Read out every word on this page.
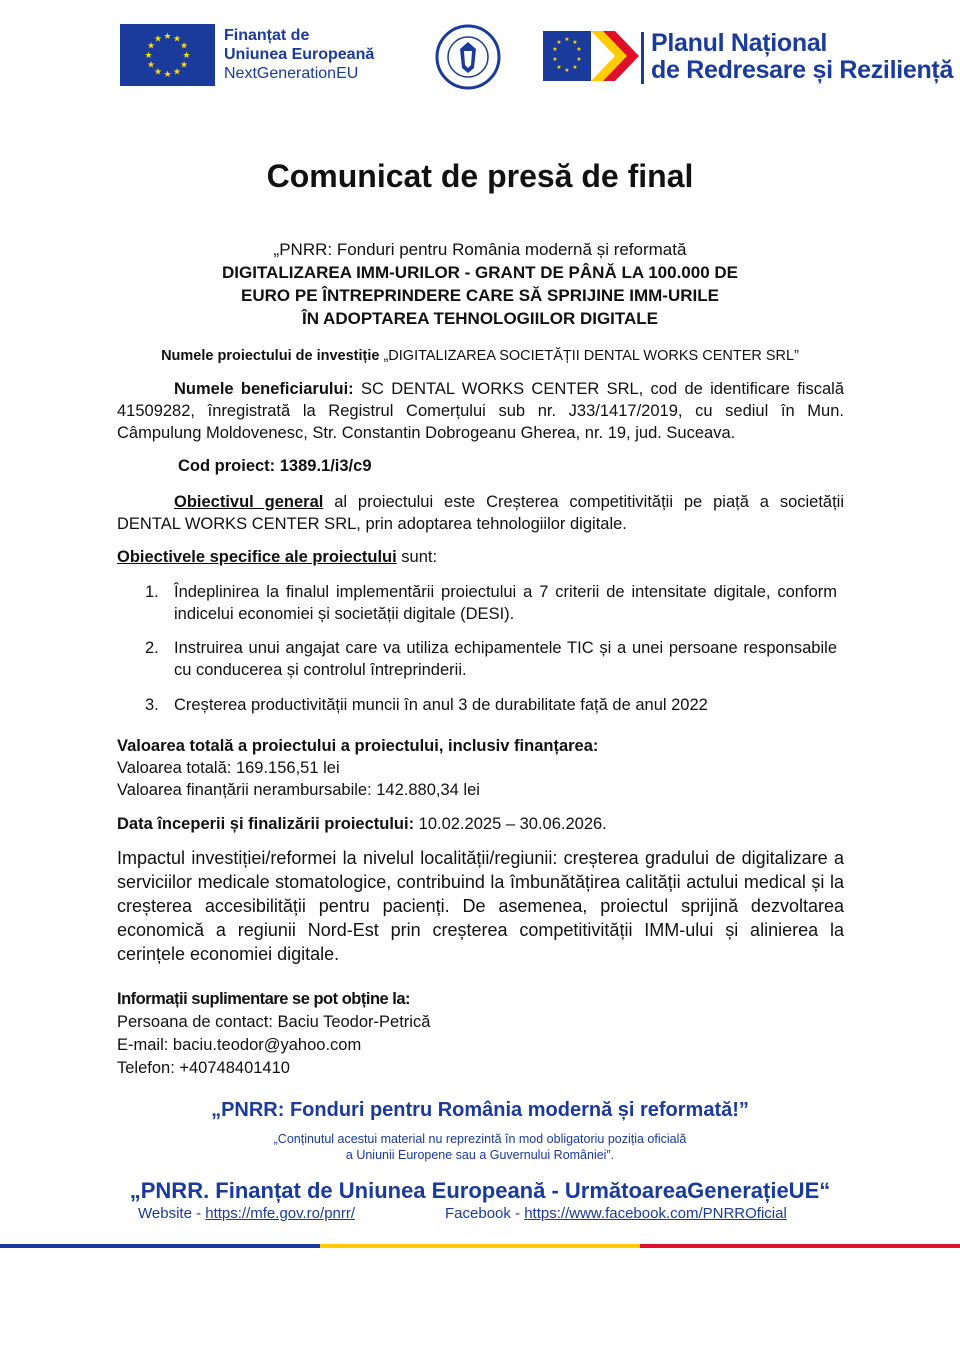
★ ★
★
★
★
★
★
★
★
★
★
★	Finanțat de
Uniunea Europeană
NextGenerationEU
★ ★
★
★
★
★
★
★
★
★	Planul Național
de Redresare și Reziliență
Comunicat de presă de final
„PNRR: Fonduri pentru România modernă și reformată
DIGITALIZAREA IMM-URILOR - GRANT DE PÂNĂ LA 100.000 DE
EURO PE ÎNTREPRINDERE CARE SĂ SPRIJINE IMM-URILE
ÎN ADOPTAREA TEHNOLOGIILOR DIGITALE
Numele proiectului de investiție „DIGITALIZAREA SOCIETĂȚII DENTAL WORKS CENTER SRL”
Numele beneficiarului: SC DENTAL WORKS CENTER SRL, cod de identificare fiscală 41509282, înregistrată la Registrul Comerțului sub nr. J33/1417/2019, cu sediul în Mun. Câmpulung Moldovenesc, Str. Constantin Dobrogeanu Gherea, nr. 19, jud. Suceava.
Cod proiect: 1389.1/i3/c9
Obiectivul general al proiectului este Creșterea competitivității pe piață a societății DENTAL WORKS CENTER SRL, prin adoptarea tehnologiilor digitale.
Obiectivele specifice ale proiectului sunt:
1. Îndeplinirea la finalul implementării proiectului a 7 criterii de intensitate digitale, conform indicelui economiei și societății digitale (DESI).
2. Instruirea unui angajat care va utiliza echipamentele TIC și a unei persoane responsabile cu conducerea și controlul întreprinderii.
3. Creșterea productivității muncii în anul 3 de durabilitate față de anul 2022
Valoarea totală a proiectului a proiectului, inclusiv finanțarea:
Valoarea totală: 169.156,51 lei
Valoarea finanțării nerambursabile: 142.880,34 lei
Data începerii și finalizării proiectului: 10.02.2025 – 30.06.2026.
Impactul investiției/reformei la nivelul localității/regiunii: creșterea gradului de digitalizare a serviciilor medicale stomatologice, contribuind la îmbunătățirea calității actului medical și la creșterea accesibilității pentru pacienți. De asemenea, proiectul sprijină dezvoltarea economică a regiunii Nord-Est prin creșterea competitivității IMM-ului și alinierea la cerințele economiei digitale.
Informații suplimentare se pot obține la:
Persoana de contact: Baciu Teodor-Petrică
E-mail: baciu.teodor@yahoo.com
Telefon: +40748401410
„PNRR: Fonduri pentru România modernă și reformată!”
„Conținutul acestui material nu reprezintă în mod obligatoriu poziția oficială
a Uniunii Europene sau a Guvernului României”.
„PNRR. Finanțat de Uniunea Europeană - UrmătoareaGenerațieUE“
Website - https://mfe.gov.ro/pnrr/	Facebook - https://www.facebook.com/PNRROficial
